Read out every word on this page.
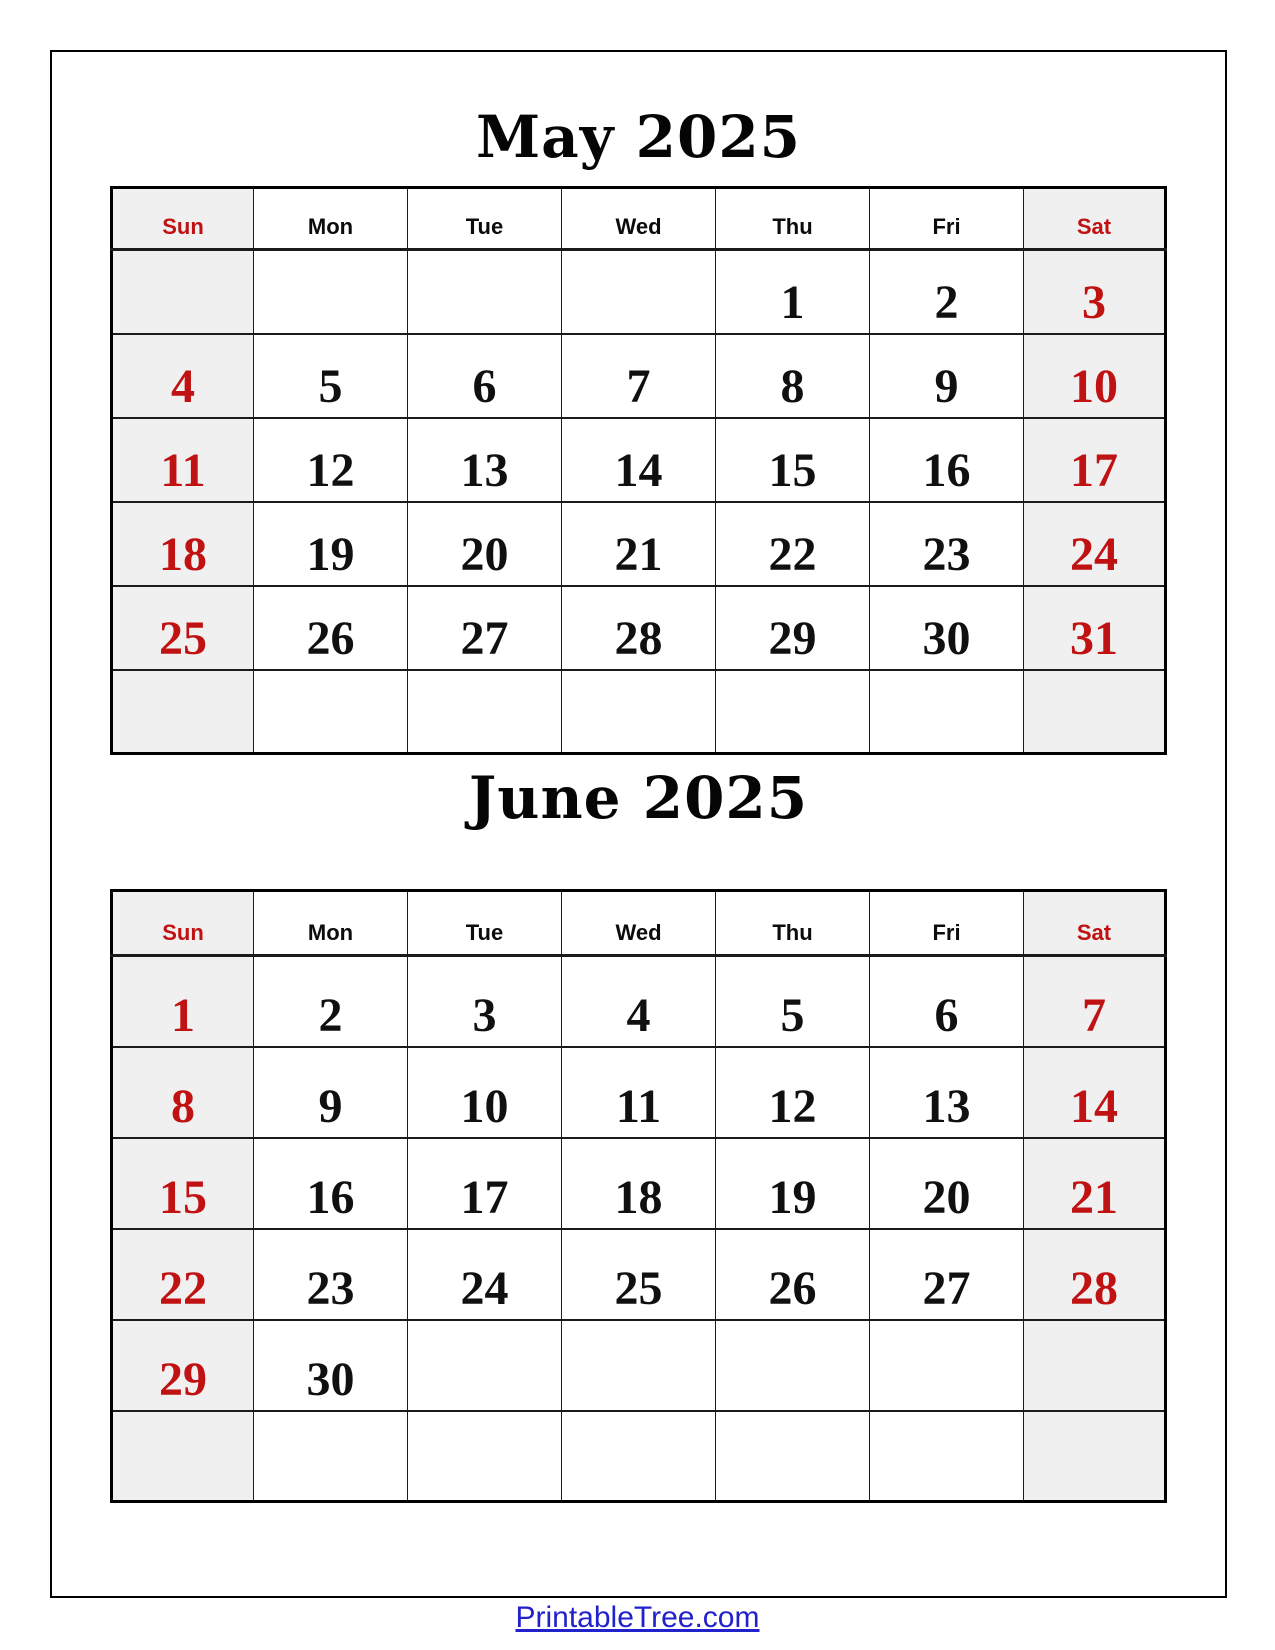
May 2025
Sun	Mon	Tue	Wed	Thu	Fri	Sat
				1	2	3
4	5	6	7	8	9	10
11	12	13	14	15	16	17
18	19	20	21	22	23	24
25	26	27	28	29	30	31

June 2025
Sun	Mon	Tue	Wed	Thu	Fri	Sat
1	2	3	4	5	6	7
8	9	10	11	12	13	14
15	16	17	18	19	20	21
22	23	24	25	26	27	28
29	30					

PrintableTree.com
